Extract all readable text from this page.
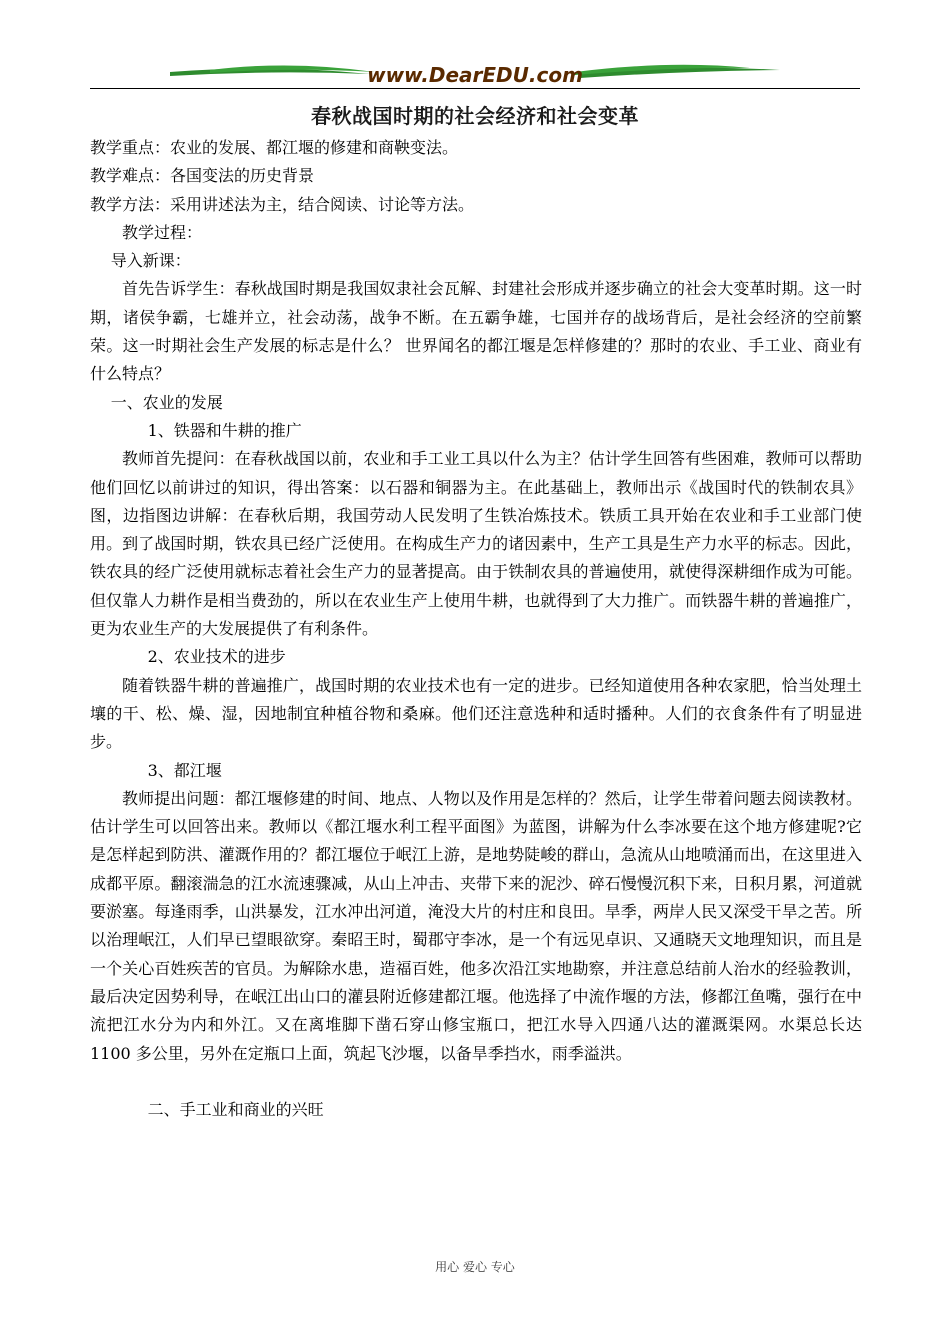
www.DearEDU.com
春秋战国时期的社会经济和社会变革

教学重点：农业的发展、都江堰的修建和商鞅变法。

教学难点：各国变法的历史背景

教学方法：采用讲述法为主，结合阅读、讨论等方法。

教学过程：

导入新课：

首先告诉学生：春秋战国时期是我国奴隶社会瓦解、封建社会形成并逐步确立的社会大变革时期。这一时期，诸侯争霸，七雄并立，社会动荡，战争不断。在五霸争雄，七国并存的战场背后，是社会经济的空前繁荣。这一时期社会生产发展的标志是什么？ 世界闻名的都江堰是怎样修建的？那时的农业、手工业、商业有什么特点？

一、农业的发展

1、铁器和牛耕的推广

教师首先提问：在春秋战国以前，农业和手工业工具以什么为主？估计学生回答有些困难，教师可以帮助他们回忆以前讲过的知识，得出答案：以石器和铜器为主。在此基础上，教师出示《战国时代的铁制农具》图，边指图边讲解：在春秋后期，我国劳动人民发明了生铁冶炼技术。铁质工具开始在农业和手工业部门使用。到了战国时期，铁农具已经广泛使用。在构成生产力的诸因素中，生产工具是生产力水平的标志。因此，铁农具的经广泛使用就标志着社会生产力的显著提高。由于铁制农具的普遍使用，就使得深耕细作成为可能。但仅靠人力耕作是相当费劲的，所以在农业生产上使用牛耕，也就得到了大力推广。而铁器牛耕的普遍推广，更为农业生产的大发展提供了有利条件。

2、农业技术的进步

随着铁器牛耕的普遍推广，战国时期的农业技术也有一定的进步。已经知道使用各种农家肥，恰当处理土壤的干、松、燥、湿，因地制宜种植谷物和桑麻。他们还注意选种和适时播种。人们的衣食条件有了明显进步。

3、都江堰

教师提出问题：都江堰修建的时间、地点、人物以及作用是怎样的？然后，让学生带着问题去阅读教材。估计学生可以回答出来。教师以《都江堰水利工程平面图》为蓝图，讲解为什么李冰要在这个地方修建呢?它是怎样起到防洪、灌溉作用的？都江堰位于岷江上游，是地势陡峻的群山，急流从山地喷涌而出，在这里进入成都平原。翻滚湍急的江水流速骤减，从山上冲击、夹带下来的泥沙、碎石慢慢沉积下来，日积月累，河道就要淤塞。每逢雨季，山洪暴发，江水冲出河道，淹没大片的村庄和良田。旱季，两岸人民又深受干旱之苦。所以治理岷江，人们早已望眼欲穿。秦昭王时，蜀郡守李冰，是一个有远见卓识、又通晓天文地理知识，而且是一个关心百姓疾苦的官员。为解除水患，造福百姓，他多次沿江实地勘察，并注意总结前人治水的经验教训，最后决定因势利导，在岷江出山口的灌县附近修建都江堰。他选择了中流作堰的方法，修都江鱼嘴，强行在中流把江水分为内和外江。又在离堆脚下凿石穿山修宝瓶口，把江水导入四通八达的灌溉渠网。水渠总长达 1100 多公里，另外在定瓶口上面，筑起飞沙堰，以备旱季挡水，雨季溢洪。

二、手工业和商业的兴旺

用心 爱心 专心
